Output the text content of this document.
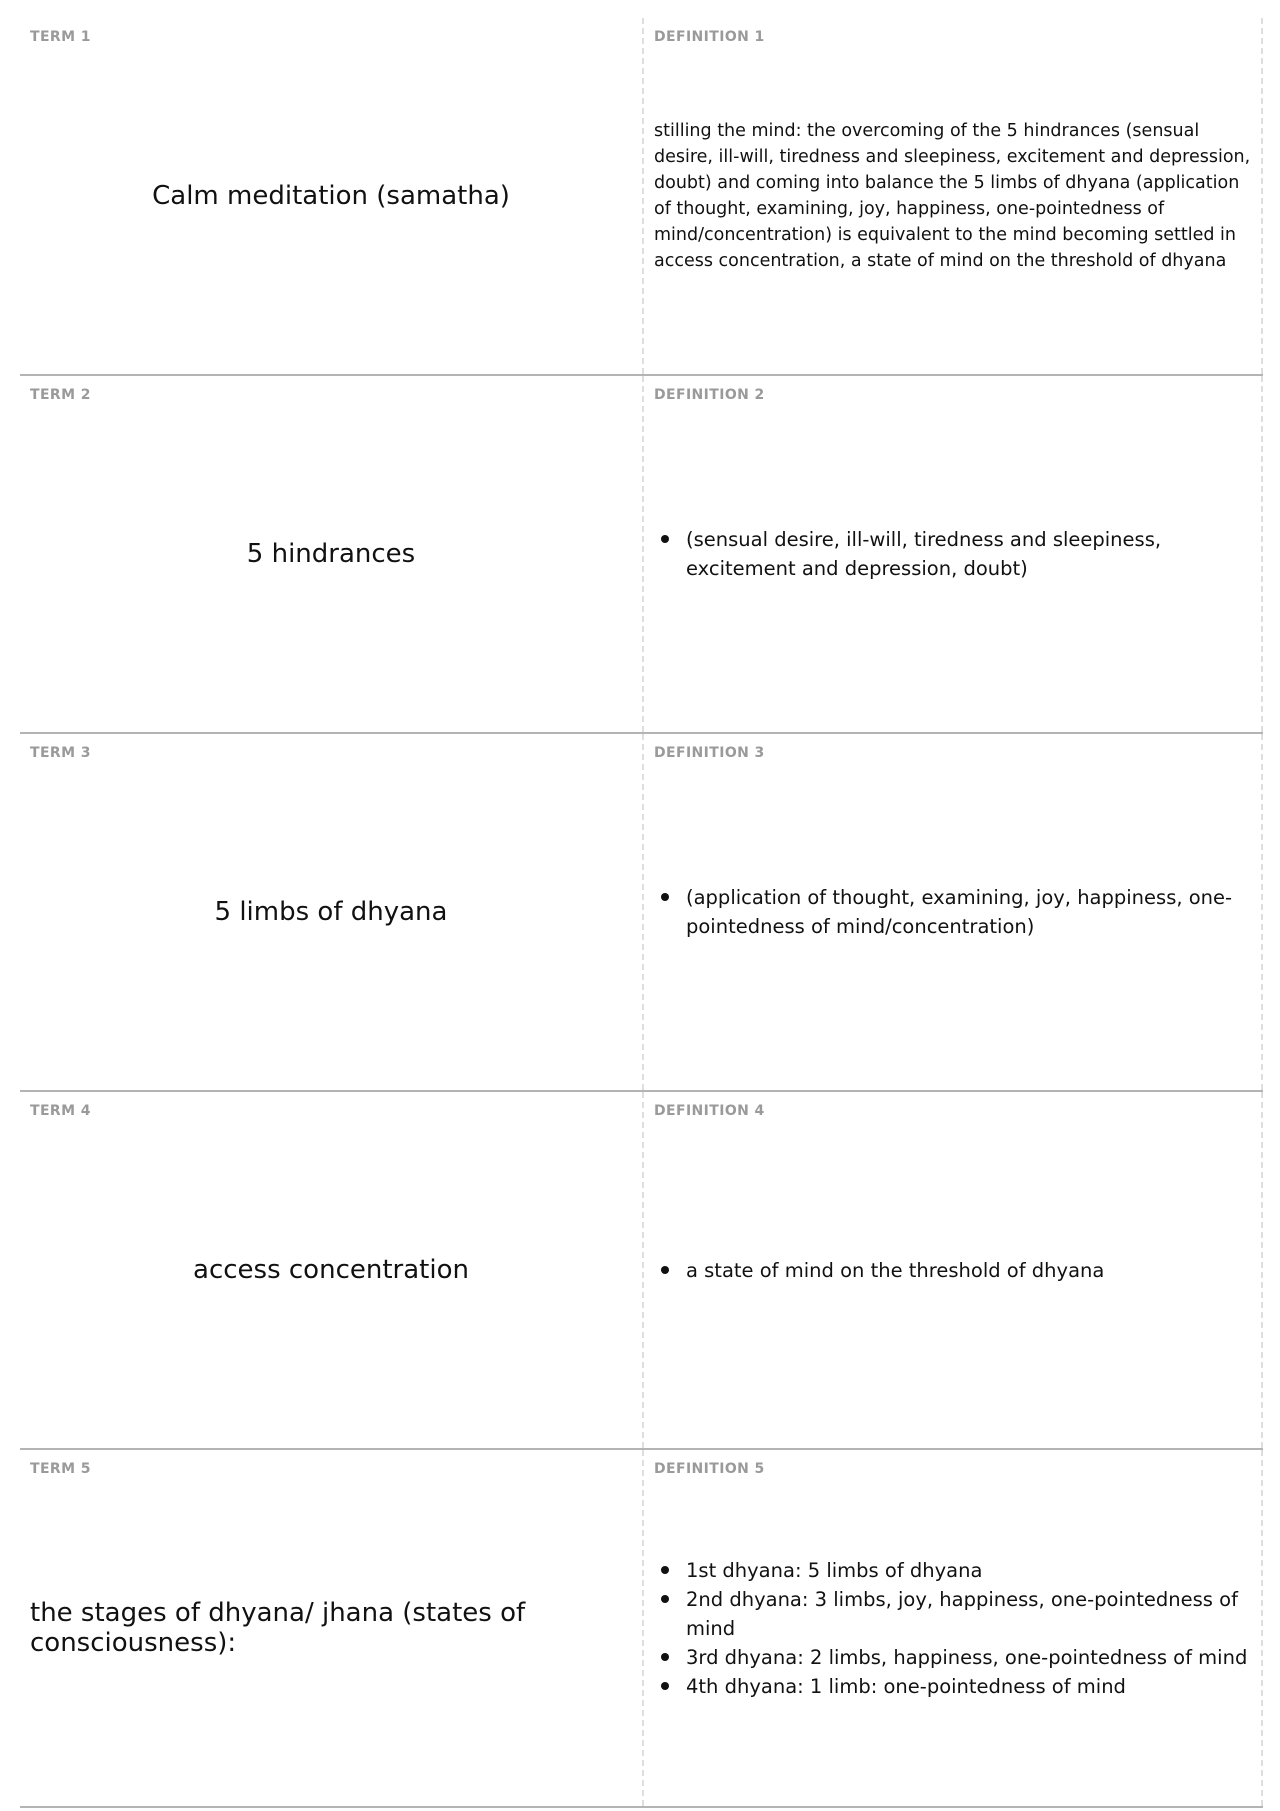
TERM 1
Calm meditation (samatha)
DEFINITION 1
stilling the mind: the overcoming of the 5 hindrances (sensual desire, ill-will, tiredness and sleepiness, excitement and depression, doubt) and coming into balance the 5 limbs of dhyana (application of thought, examining, joy, happiness, one-pointedness of mind/concentration) is equivalent to the mind becoming settled in access concentration, a state of mind on the threshold of dhyana
TERM 2
5 hindrances
DEFINITION 2
(sensual desire, ill-will, tiredness and sleepiness, excitement and depression, doubt)
TERM 3
5 limbs of dhyana
DEFINITION 3
(application of thought, examining, joy, happiness, one-pointedness of mind/concentration)
TERM 4
access concentration
DEFINITION 4
a state of mind on the threshold of dhyana
TERM 5
the stages of dhyana/ jhana (states of consciousness):
DEFINITION 5
1st dhyana: 5 limbs of dhyana
2nd dhyana: 3 limbs, joy, happiness, one-pointedness of mind
3rd dhyana: 2 limbs, happiness, one-pointedness of mind
4th dhyana: 1 limb: one-pointedness of mind
